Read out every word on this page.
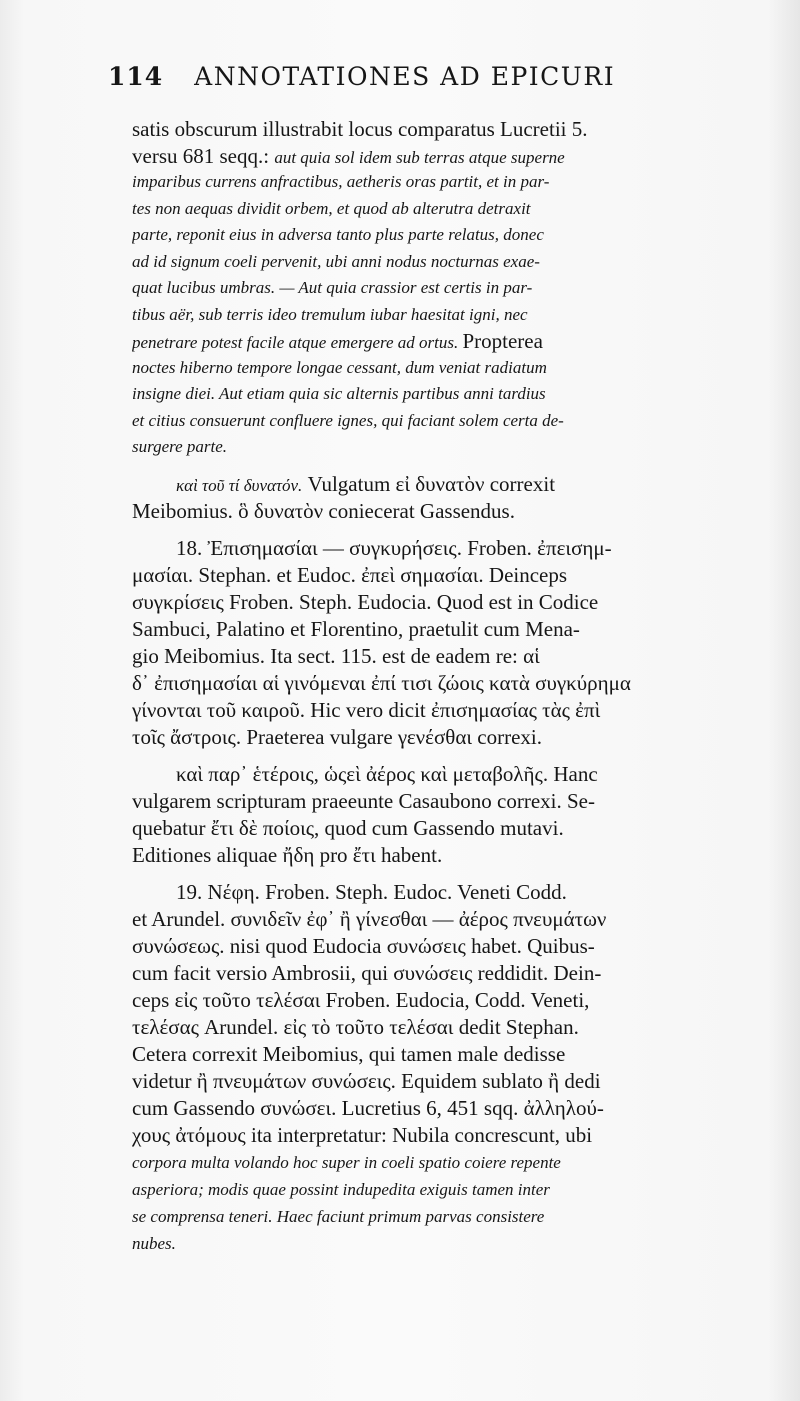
114 ANNOTATIONES AD EPICURI
satis obscurum illustrabit locus comparatus Lucretii 5.
versu 681 seqq.: aut quia sol idem sub terras atque superne
imparibus currens anfractibus, aetheris oras partit, et in par-
tes non aequas dividit orbem, et quod ab alterutra detraxit
parte, reponit eius in adversa tanto plus parte relatus, donec
ad id signum coeli pervenit, ubi anni nodus nocturnas exae-
quat lucibus umbras. — Aut quia crassior est certis in par-
tibus aër, sub terris ideo tremulum iubar haesitat igni, nec
penetrare potest facile atque emergere ad ortus. Propterea
noctes hiberno tempore longae cessant, dum veniat radiatum
insigne diei. Aut etiam quia sic alternis partibus anni tardius
et citius consuerunt confluere ignes, qui faciant solem certa de-
surgere parte.
καὶ τοῦ τί δυνατόν. Vulgatum εἰ δυνατὸν correxit
Meibomius. ὃ δυνατὸν coniecerat Gassendus.
18. Ἐπισημασίαι — συγκυρήσεις. Froben. ἐπεισημ-
μασίαι. Stephan. et Eudoc. ἐπεὶ σημασίαι. Deinceps
συγκρίσεις Froben. Steph. Eudocia. Quod est in Codice
Sambuci, Palatino et Florentino, praetulit cum Mena-
gio Meibomius. Ita sect. 115. est de eadem re: αἱ
δ᾽ ἐπισημασίαι αἱ γινόμεναι ἐπί τισι ζώοις κατὰ συγκύρημα
γίνονται τοῦ καιροῦ. Hic vero dicit ἐπισημασίας τὰς ἐπὶ
τοῖς ἄστροις. Praeterea vulgare γενέσθαι correxi.
καὶ παρ᾽ ἑτέροις, ὡςεὶ ἀέρος καὶ μεταβολῆς. Hanc
vulgarem scripturam praeeunte Casaubono correxi. Se-
quebatur ἔτι δὲ ποίοις, quod cum Gassendo mutavi.
Editiones aliquae ἤδη pro ἔτι habent.
19. Νέφη. Froben. Steph. Eudoc. Veneti Codd.
et Arundel. συνιδεῖν ἐφ᾽ ἢ γίνεσθαι — ἀέρος πνευμάτων
συνώσεως. nisi quod Eudocia συνώσεις habet. Quibus-
cum facit versio Ambrosii, qui συνώσεις reddidit. Dein-
ceps εἰς τοῦτο τελέσαι Froben. Eudocia, Codd. Veneti,
τελέσας Arundel. εἰς τὸ τοῦτο τελέσαι dedit Stephan.
Cetera correxit Meibomius, qui tamen male dedisse
videtur ἢ πνευμάτων συνώσεις. Equidem sublato ἢ dedi
cum Gassendo συνώσει. Lucretius 6, 451 sqq. ἀλληλού-
χους ἀτόμους ita interpretatur: Nubila concrescunt, ubi
corpora multa volando hoc super in coeli spatio coiere repente
asperiora; modis quae possint indupedita exiguis tamen inter
se comprensa teneri. Haec faciunt primum parvas consistere
nubes.
